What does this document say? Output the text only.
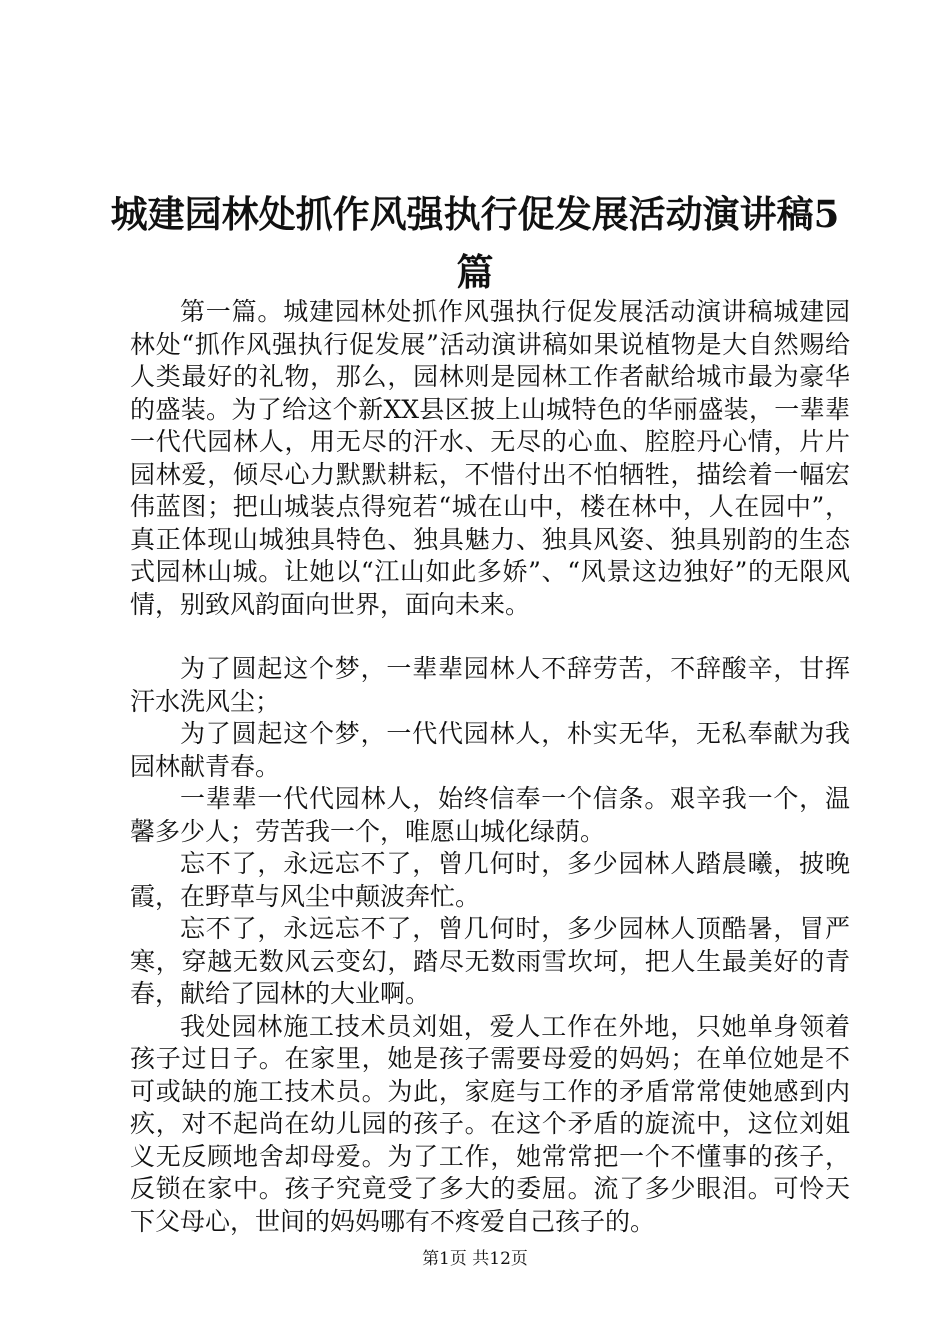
城建园林处抓作风强执行促发展活动演讲稿5篇

第一篇。城建园林处抓作风强执行促发展活动演讲稿城建园林处“抓作风强执行促发展”活动演讲稿如果说植物是大自然赐给人类最好的礼物，那么，园林则是园林工作者献给城市最为豪华的盛装。为了给这个新XX县区披上山城特色的华丽盛装，一辈辈一代代园林人，用无尽的汗水、无尽的心血、腔腔丹心情，片片园林爱，倾尽心力默默耕耘，不惜付出不怕牺牲，描绘着一幅宏伟蓝图；把山城装点得宛若“城在山中，楼在林中，人在园中”，真正体现山城独具特色、独具魅力、独具风姿、独具别韵的生态式园林山城。让她以“江山如此多娇”、“风景这边独好”的无限风情，别致风韵面向世界，面向未来。

为了圆起这个梦，一辈辈园林人不辞劳苦，不辞酸辛，甘挥汗水洗风尘；

为了圆起这个梦，一代代园林人，朴实无华，无私奉献为我园林献青春。

一辈辈一代代园林人，始终信奉一个信条。艰辛我一个，温馨多少人；劳苦我一个，唯愿山城化绿荫。

忘不了，永远忘不了，曾几何时，多少园林人踏晨曦，披晚霞，在野草与风尘中颠波奔忙。

忘不了，永远忘不了，曾几何时，多少园林人顶酷暑，冒严寒，穿越无数风云变幻，踏尽无数雨雪坎坷，把人生最美好的青春，献给了园林的大业啊。

我处园林施工技术员刘姐，爱人工作在外地，只她单身领着孩子过日子。在家里，她是孩子需要母爱的妈妈；在单位她是不可或缺的施工技术员。为此，家庭与工作的矛盾常常使她感到内疚，对不起尚在幼儿园的孩子。在这个矛盾的旋流中，这位刘姐义无反顾地舍却母爱。为了工作，她常常把一个不懂事的孩子，反锁在家中。孩子究竟受了多大的委屈。流了多少眼泪。可怜天下父母心，世间的妈妈哪有不疼爱自己孩子的。

第1页 共12页
